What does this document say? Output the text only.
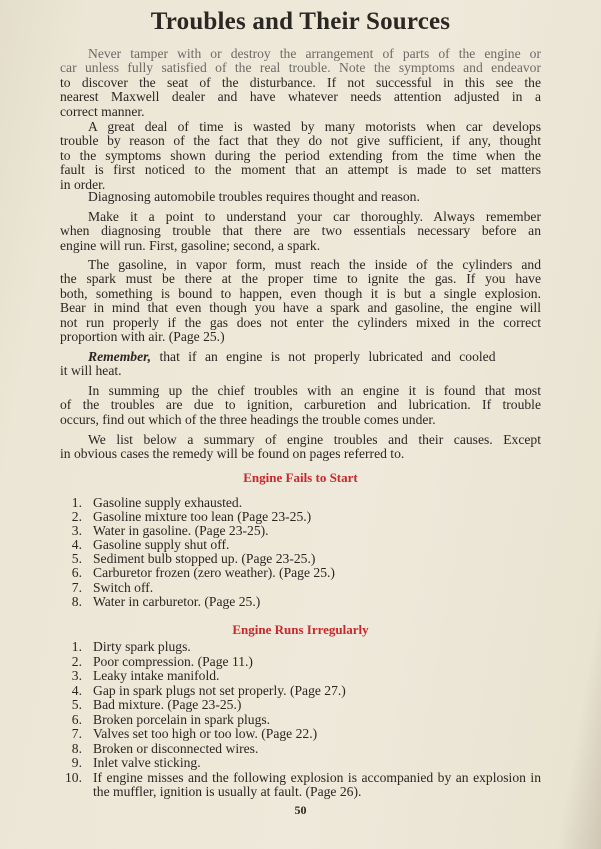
Troubles and Their Sources
Never tamper with or destroy the arrangement of parts of the engine or
car unless fully satisfied of the real trouble. Note the symptoms and endeavor
to discover the seat of the disturbance. If not successful in this see the
nearest Maxwell dealer and have whatever needs attention adjusted in a
correct manner.
A great deal of time is wasted by many motorists when car develops
trouble by reason of the fact that they do not give sufficient, if any, thought
to the symptoms shown during the period extending from the time when the
fault is first noticed to the moment that an attempt is made to set matters
in order.
Diagnosing automobile troubles requires thought and reason.
Make it a point to understand your car thoroughly. Always remember
when diagnosing trouble that there are two essentials necessary before an
engine will run. First, gasoline; second, a spark.
The gasoline, in vapor form, must reach the inside of the cylinders and
the spark must be there at the proper time to ignite the gas. If you have
both, something is bound to happen, even though it is but a single explosion.
Bear in mind that even though you have a spark and gasoline, the engine will
not run properly if the gas does not enter the cylinders mixed in the correct
proportion with air. (Page 25.)
Remember, that if an engine is not properly lubricated and cooled
it will heat.
In summing up the chief troubles with an engine it is found that most
of the troubles are due to ignition, carburetion and lubrication. If trouble
occurs, find out which of the three headings the trouble comes under.
We list below a summary of engine troubles and their causes. Except
in obvious cases the remedy will be found on pages referred to.
Engine Fails to Start
1. Gasoline supply exhausted.
2. Gasoline mixture too lean (Page 23-25.)
3. Water in gasoline. (Page 23-25).
4. Gasoline supply shut off.
5. Sediment bulb stopped up. (Page 23-25.)
6. Carburetor frozen (zero weather). (Page 25.)
7. Switch off.
8. Water in carburetor. (Page 25.)
Engine Runs Irregularly
1. Dirty spark plugs.
2. Poor compression. (Page 11.)
3. Leaky intake manifold.
4. Gap in spark plugs not set properly. (Page 27.)
5. Bad mixture. (Page 23-25.)
6. Broken porcelain in spark plugs.
7. Valves set too high or too low. (Page 22.)
8. Broken or disconnected wires.
9. Inlet valve sticking.
10. If engine misses and the following explosion is accompanied by an explosion in the muffler, ignition is usually at fault. (Page 26).
50
